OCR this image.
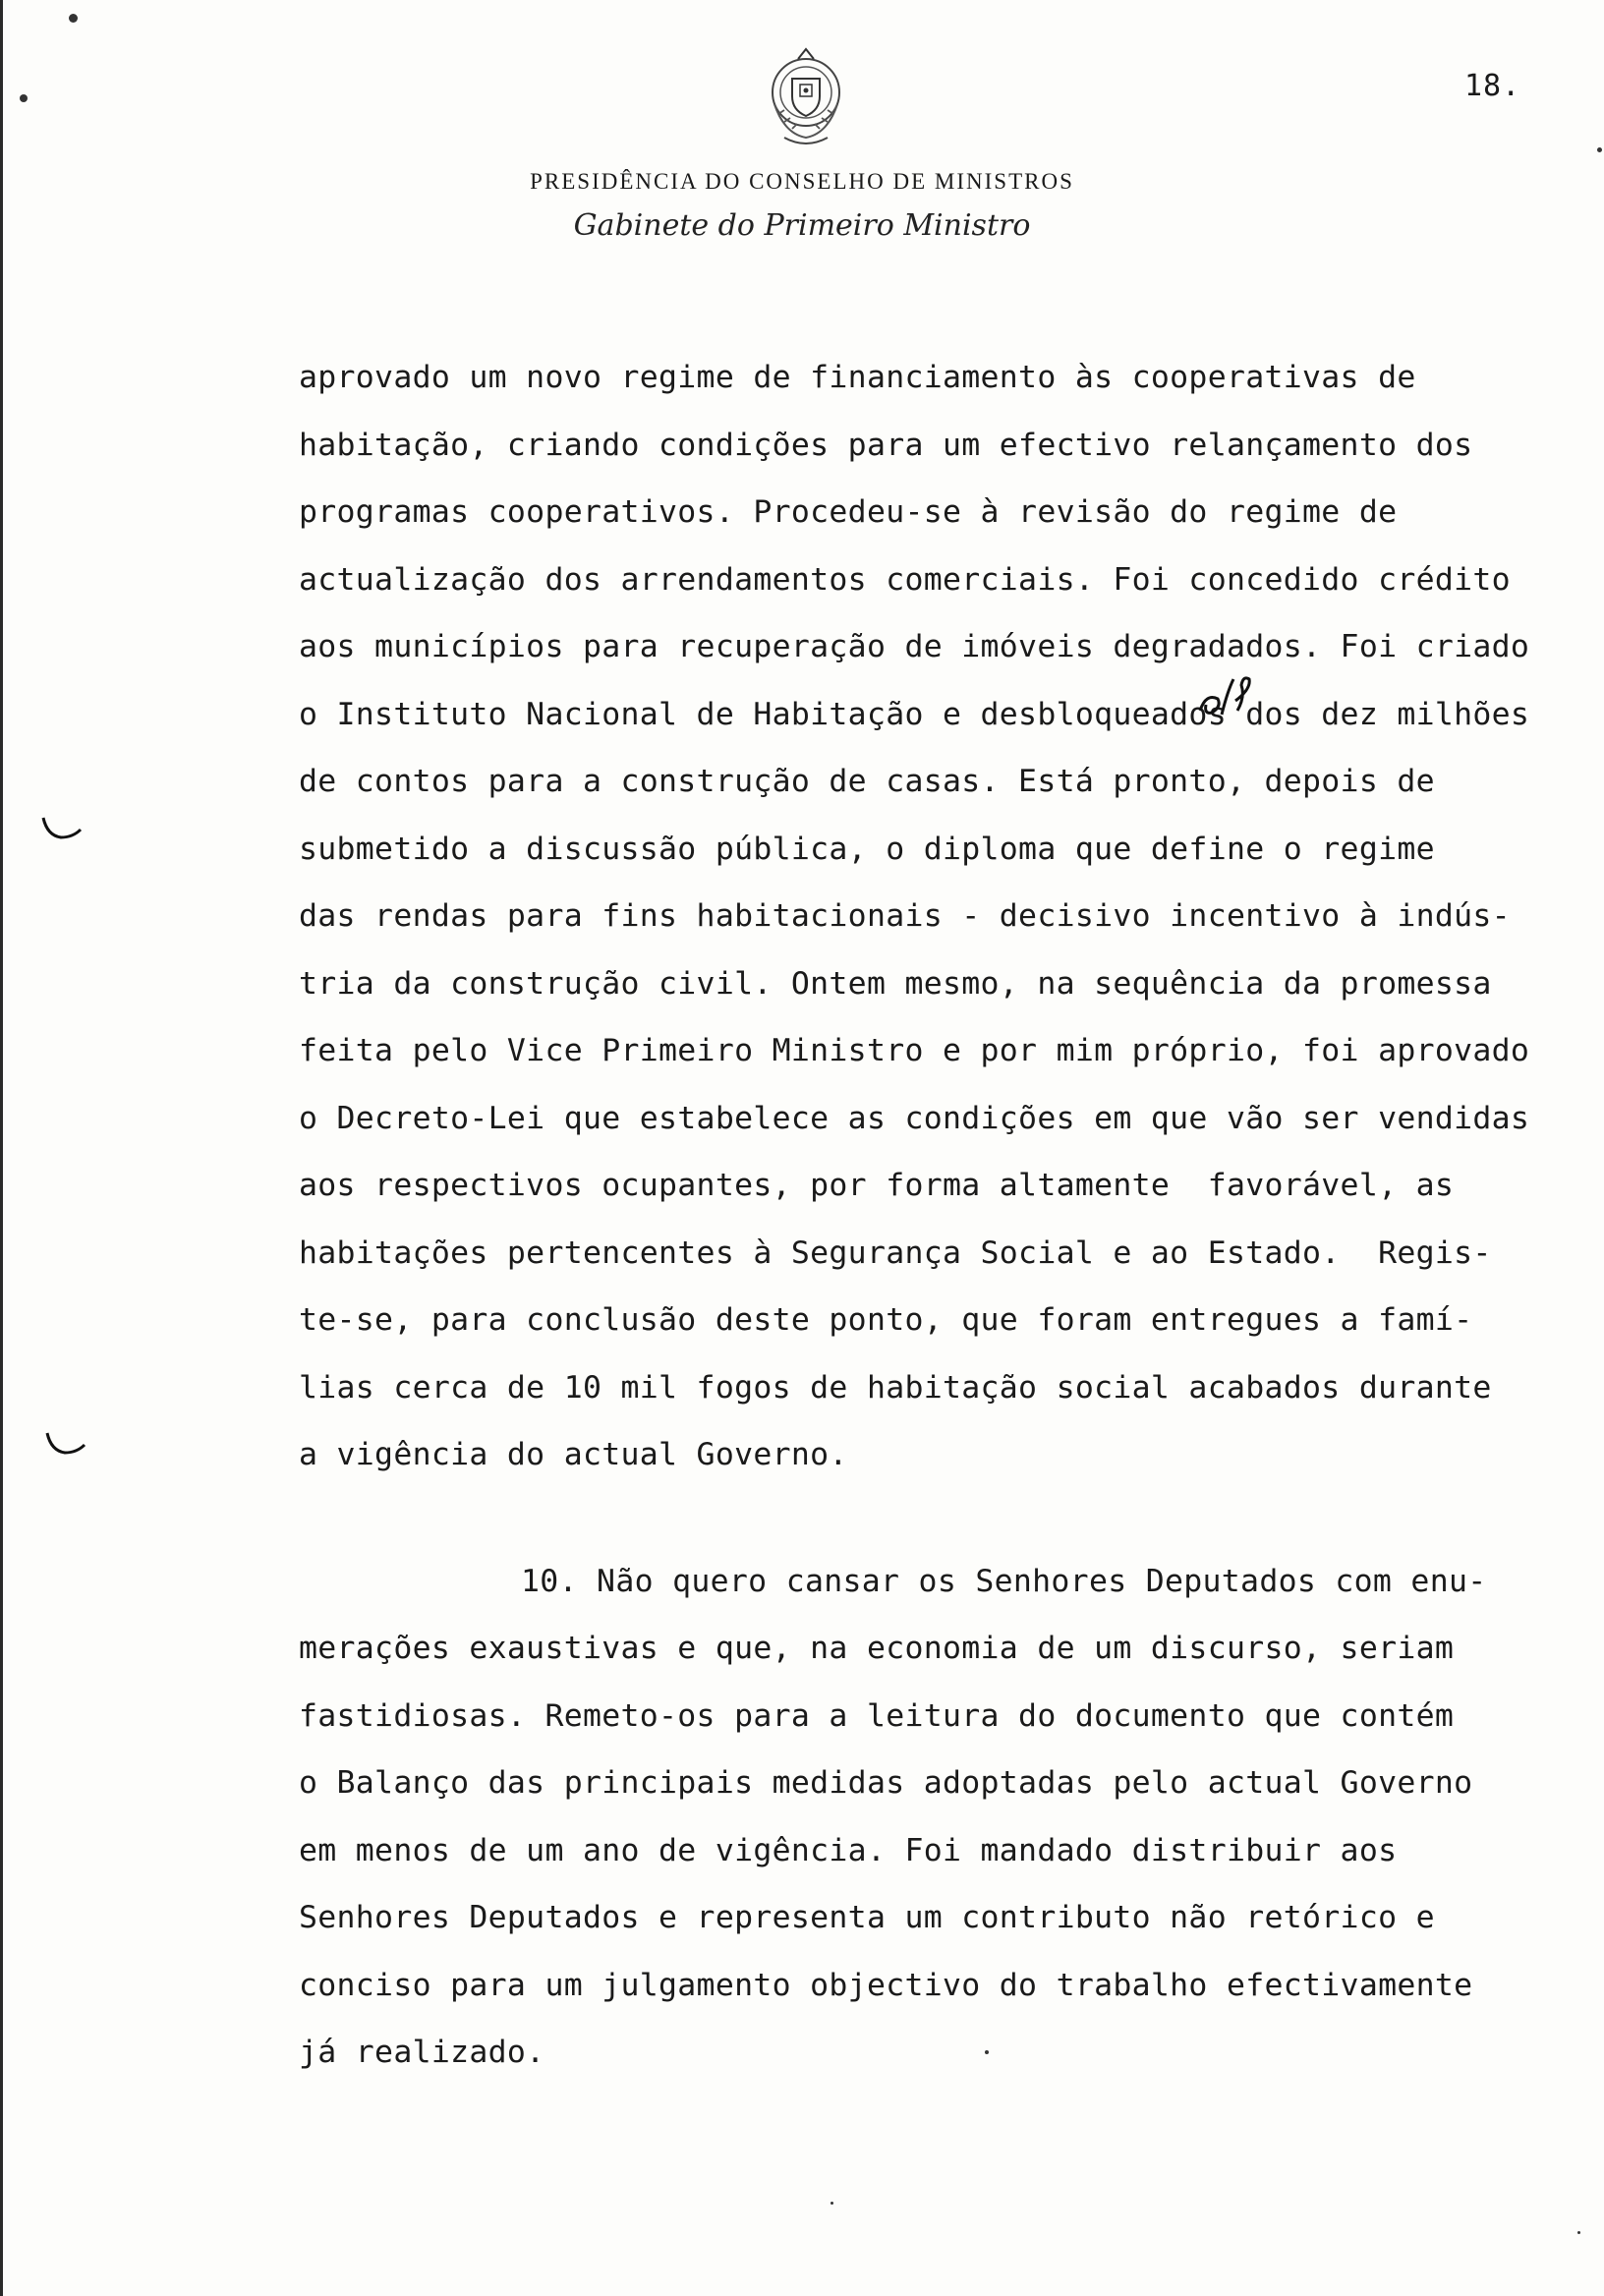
18.
PRESIDÊNCIA DO CONSELHO DE MINISTROS
Gabinete do Primeiro Ministro
aprovado um novo regime de financiamento às cooperativas de
habitação, criando condições para um efectivo relançamento dos
programas cooperativos. Procedeu-se à revisão do regime de
actualização dos arrendamentos comerciais. Foi concedido crédito
aos municípios para recuperação de imóveis degradados. Foi criado
o Instituto Nacional de Habitação e desbloqueados dos dez milhões
de contos para a construção de casas. Está pronto, depois de
submetido a discussão pública, o diploma que define o regime
das rendas para fins habitacionais - decisivo incentivo à indús-
tria da construção civil. Ontem mesmo, na sequência da promessa
feita pelo Vice Primeiro Ministro e por mim próprio, foi aprovado
o Decreto-Lei que estabelece as condições em que vão ser vendidas
aos respectivos ocupantes, por forma altamente  favorável, as
habitações pertencentes à Segurança Social e ao Estado.  Regis-
te-se, para conclusão deste ponto, que foram entregues a famí-
lias cerca de 10 mil fogos de habitação social acabados durante
a vigência do actual Governo.
10. Não quero cansar os Senhores Deputados com enu-
merações exaustivas e que, na economia de um discurso, seriam
fastidiosas. Remeto-os para a leitura do documento que contém
o Balanço das principais medidas adoptadas pelo actual Governo
em menos de um ano de vigência. Foi mandado distribuir aos
Senhores Deputados e representa um contributo não retórico e
conciso para um julgamento objectivo do trabalho efectivamente
já realizado.
